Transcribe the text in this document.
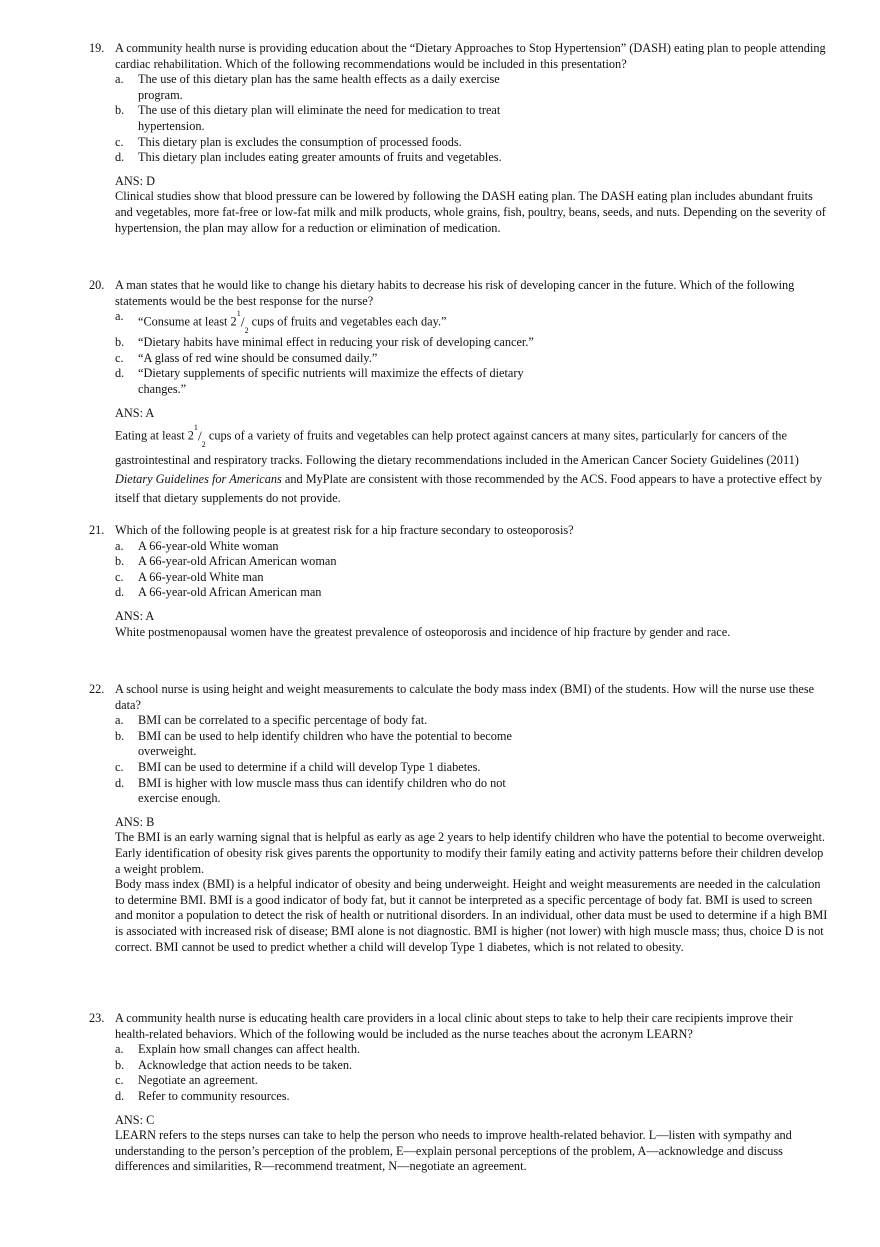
19. A community health nurse is providing education about the “Dietary Approaches to Stop Hypertension” (DASH) eating plan to people attending cardiac rehabilitation. Which of the following recommendations would be included in this presentation?
a. The use of this dietary plan has the same health effects as a daily exercise program.
b. The use of this dietary plan will eliminate the need for medication to treat hypertension.
c. This dietary plan is excludes the consumption of processed foods.
d. This dietary plan includes eating greater amounts of fruits and vegetables.
ANS: D

Clinical studies show that blood pressure can be lowered by following the DASH eating plan. The DASH eating plan includes abundant fruits and vegetables, more fat-free or low-fat milk and milk products, whole grains, fish, poultry, beans, seeds, and nuts. Depending on the severity of hypertension, the plan may allow for a reduction or elimination of medication.

20. A man states that he would like to change his dietary habits to decrease his risk of developing cancer in the future. Which of the following statements would be the best response for the nurse?
a. “Consume at least $2^1/_2$ cups of fruits and vegetables each day.”
b. “Dietary habits have minimal effect in reducing your risk of developing cancer.”
c. “A glass of red wine should be consumed daily.”
d. “Dietary supplements of specific nutrients will maximize the effects of dietary changes.”
ANS: A

Eating at least $2^1/_2$ cups of a variety of fruits and vegetables can help protect against cancers at many sites, particularly for cancers of the gastrointestinal and respiratory tracks. Following the dietary recommendations included in the American Cancer Society Guidelines (2011) Dietary Guidelines for Americans and MyPlate are consistent with those recommended by the ACS. Food appears to have a protective effect by itself that dietary supplements do not provide.

21. Which of the following people is at greatest risk for a hip fracture secondary to osteoporosis?
a. A 66-year-old White woman
b. A 66-year-old African American woman
c. A 66-year-old White man
d. A 66-year-old African American man
ANS: A

White postmenopausal women have the greatest prevalence of osteoporosis and incidence of hip fracture by gender and race.

22. A school nurse is using height and weight measurements to calculate the body mass index (BMI) of the students. How will the nurse use these data?
a. BMI can be correlated to a specific percentage of body fat.
b. BMI can be used to help identify children who have the potential to become overweight.
c. BMI can be used to determine if a child will develop Type 1 diabetes.
d. BMI is higher with low muscle mass thus can identify children who do not exercise enough.
ANS: B

The BMI is an early warning signal that is helpful as early as age 2 years to help identify children who have the potential to become overweight. Early identification of obesity risk gives parents the opportunity to modify their family eating and activity patterns before their children develop a weight problem.

Body mass index (BMI) is a helpful indicator of obesity and being underweight. Height and weight measurements are needed in the calculation to determine BMI. BMI is a good indicator of body fat, but it cannot be interpreted as a specific percentage of body fat. BMI is used to screen and monitor a population to detect the risk of health or nutritional disorders. In an individual, other data must be used to determine if a high BMI is associated with increased risk of disease; BMI alone is not diagnostic. BMI is higher (not lower) with high muscle mass; thus, choice D is not correct. BMI cannot be used to predict whether a child will develop Type 1 diabetes, which is not related to obesity.

23. A community health nurse is educating health care providers in a local clinic about steps to take to help their care recipients improve their health-related behaviors. Which of the following would be included as the nurse teaches about the acronym LEARN?
a. Explain how small changes can affect health.
b. Acknowledge that action needs to be taken.
c. Negotiate an agreement.
d. Refer to community resources.
ANS: C

LEARN refers to the steps nurses can take to help the person who needs to improve health-related behavior. L—listen with sympathy and understanding to the person’s perception of the problem, E—explain personal perceptions of the problem, A—acknowledge and discuss differences and similarities, R—recommend treatment, N—negotiate an agreement.
